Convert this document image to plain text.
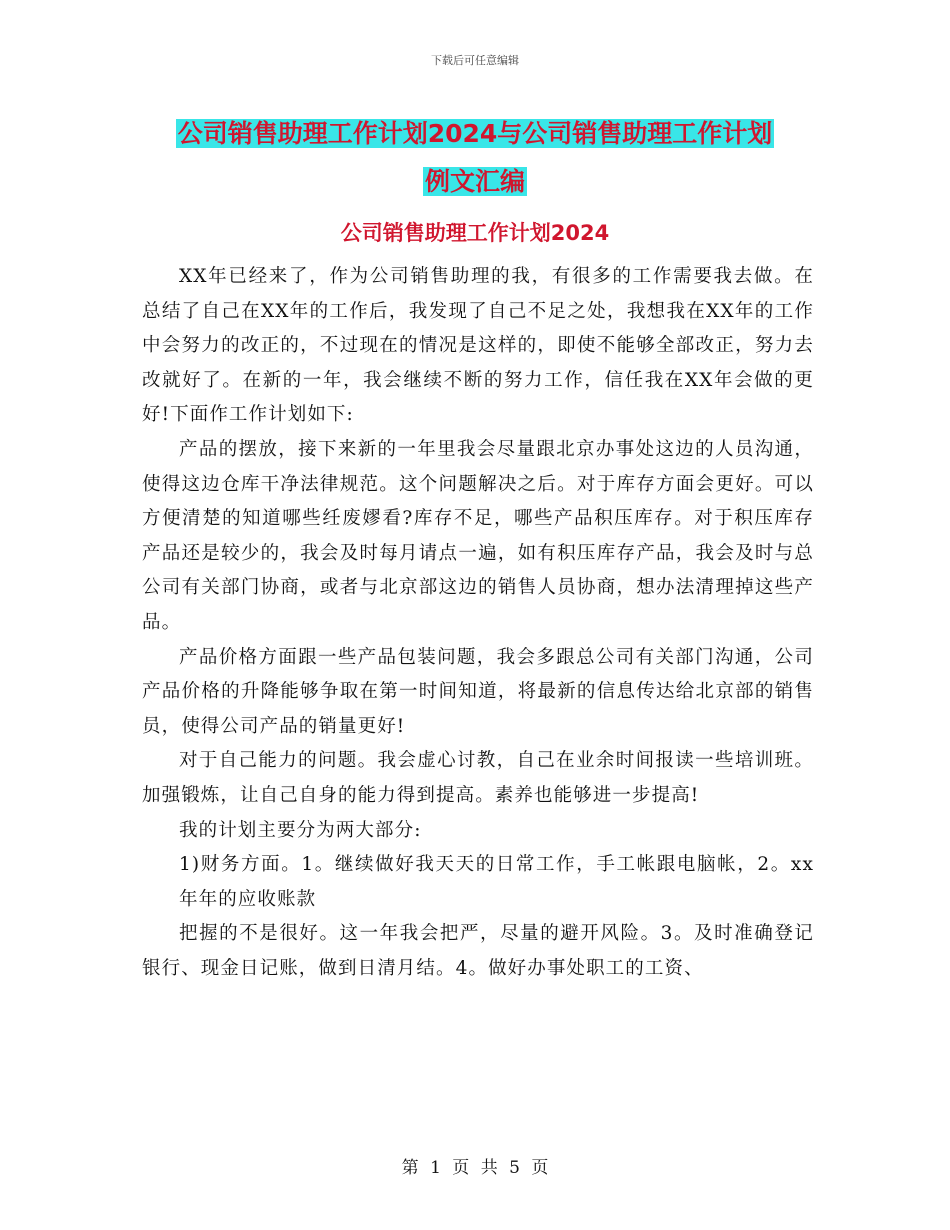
下载后可任意编辑
公司销售助理工作计划2024与公司销售助理工作计划
例文汇编
公司销售助理工作计划2024

XX年已经来了，作为公司销售助理的我，有很多的工作需要我去做。在总结了自己在XX年的工作后，我发现了自己不足之处，我想我在XX年的工作中会努力的改正的，不过现在的情况是这样的，即使不能够全部改正，努力去改就好了。在新的一年，我会继续不断的努力工作，信任我在XX年会做的更好!下面作工作计划如下:

产品的摆放，接下来新的一年里我会尽量跟北京办事处这边的人员沟通，使得这边仓库干净法律规范。这个问题解决之后。对于库存方面会更好。可以方便清楚的知道哪些纴废嫪看?库存不足，哪些产品积压库存。对于积压库存产品还是较少的，我会及时每月请点一遍，如有积压库存产品，我会及时与总公司有关部门协商，或者与北京部这边的销售人员协商，想办法清理掉这些产品。

产品价格方面跟一些产品包装问题，我会多跟总公司有关部门沟通，公司产品价格的升降能够争取在第一时间知道，将最新的信息传达给北京部的销售员，使得公司产品的销量更好!

对于自己能力的问题。我会虚心讨教，自己在业余时间报读一些培训班。加强锻炼，让自己自身的能力得到提高。素养也能够进一步提高!

我的计划主要分为两大部分:

1)财务方面。1。继续做好我天天的日常工作，手工帐跟电脑帐，2。xx年年的应收账款

把握的不是很好。这一年我会把严，尽量的避开风险。3。及时准确登记银行、现金日记账，做到日清月结。4。做好办事处职工的工资、

第 1 页 共 5 页
